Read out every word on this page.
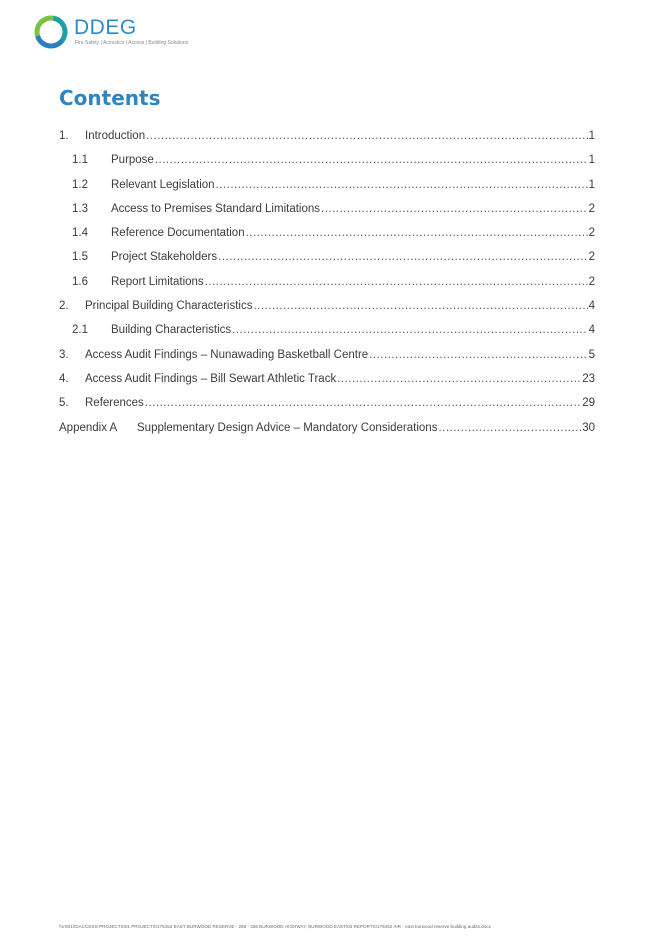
DDEG
Fire Safety | Acoustics | Access | Building Solutions
Contents
1.	Introduction .....	1
1.1	Purpose .....	1
1.2	Relevant Legislation .....	1
1.3	Access to Premises Standard Limitations .....	2
1.4	Reference Documentation .....	2
1.5	Project Stakeholders .....	2
1.6	Report Limitations .....	2
2.	Principal Building Characteristics .....	4
2.1	Building Characteristics .....	4
3.	Access Audit Findings – Nunawading Basketball Centre .....	5
4.	Access Audit Findings – Bill Sewart Athletic Track .....	23
5.	References .....	29
Appendix A	Supplementary Design Advice – Mandatory Considerations .....	30
\\VS01\IDACCESS-PROJECTS\01 PROJECTS\175452 EAST BURWOOD RESERVE - 298 - 336 BURWOOD HIGHWAY, BURWOOD EAST\03 REPORTS\175452 AIR - east burwood reserve building audits.docx
